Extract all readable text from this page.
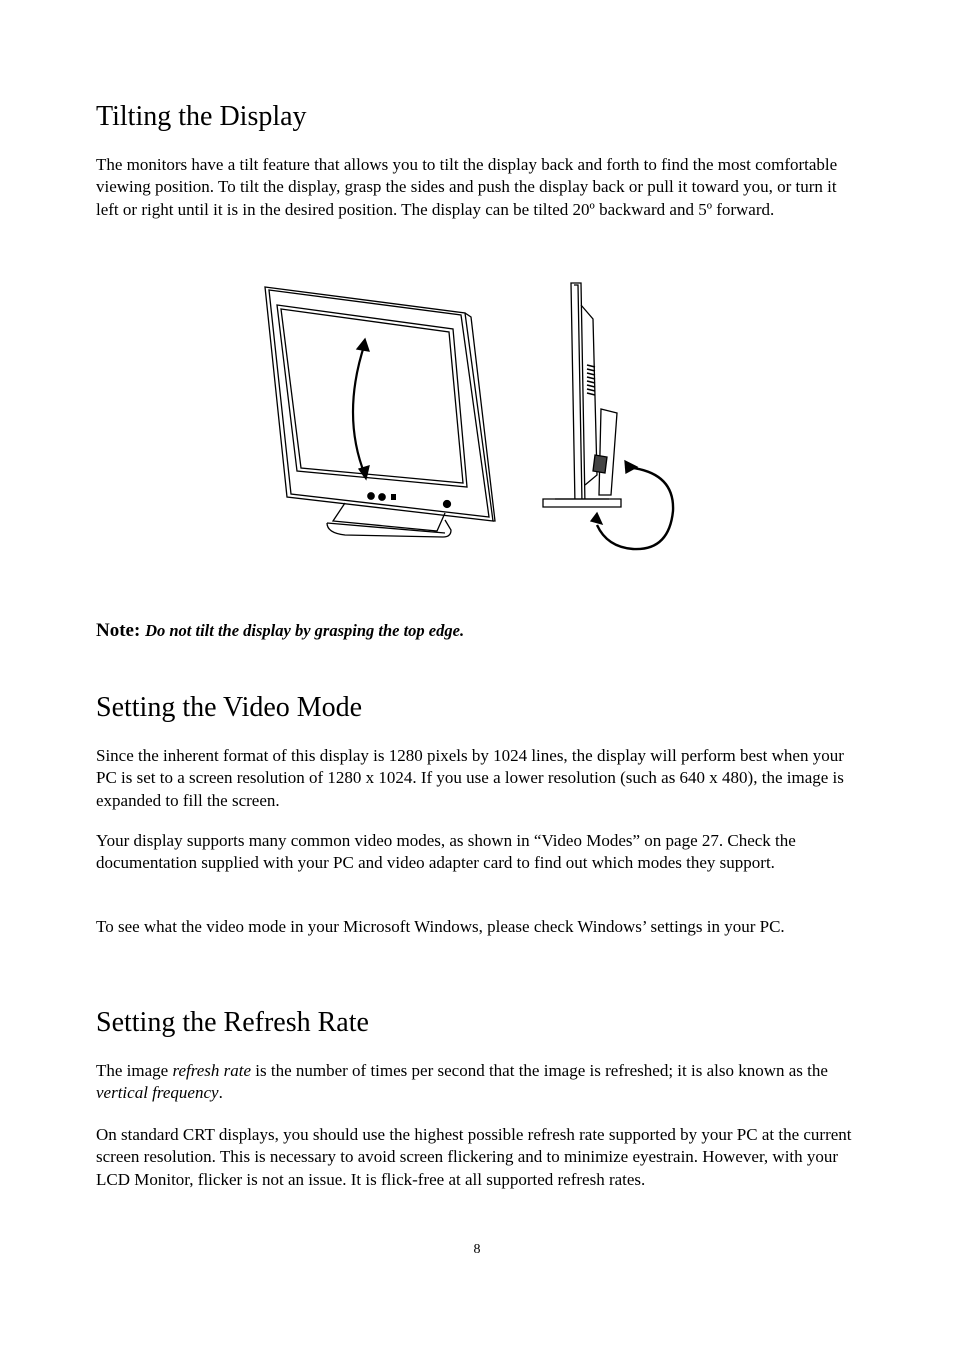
Tilting the Display

The monitors have a tilt feature that allows you to tilt the display back and forth to find the most comfortable viewing position. To tilt the display, grasp the sides and push the display back or pull it toward you, or turn it left or right until it is in the desired position. The display can be tilted 20º backward and 5º forward.

Note: Do not tilt the display by grasping the top edge.
Setting the Video Mode

Since the inherent format of this display is 1280 pixels by 1024 lines, the display will perform best when your PC is set to a screen resolution of 1280 x 1024. If you use a lower resolution (such as 640 x 480), the image is expanded to fill the screen.

Your display supports many common video modes, as shown in “Video Modes” on page 27. Check the documentation supplied with your PC and video adapter card to find out which modes they support.

To see what the video mode in your Microsoft Windows, please check Windows’ settings in your PC.

Setting the Refresh Rate

The image refresh rate is the number of times per second that the image is refreshed; it is also known as the vertical frequency.

On standard CRT displays, you should use the highest possible refresh rate supported by your PC at the current screen resolution. This is necessary to avoid screen flickering and to minimize eyestrain. However, with your LCD Monitor, flicker is not an issue. It is flick-free at all supported refresh rates.

8
